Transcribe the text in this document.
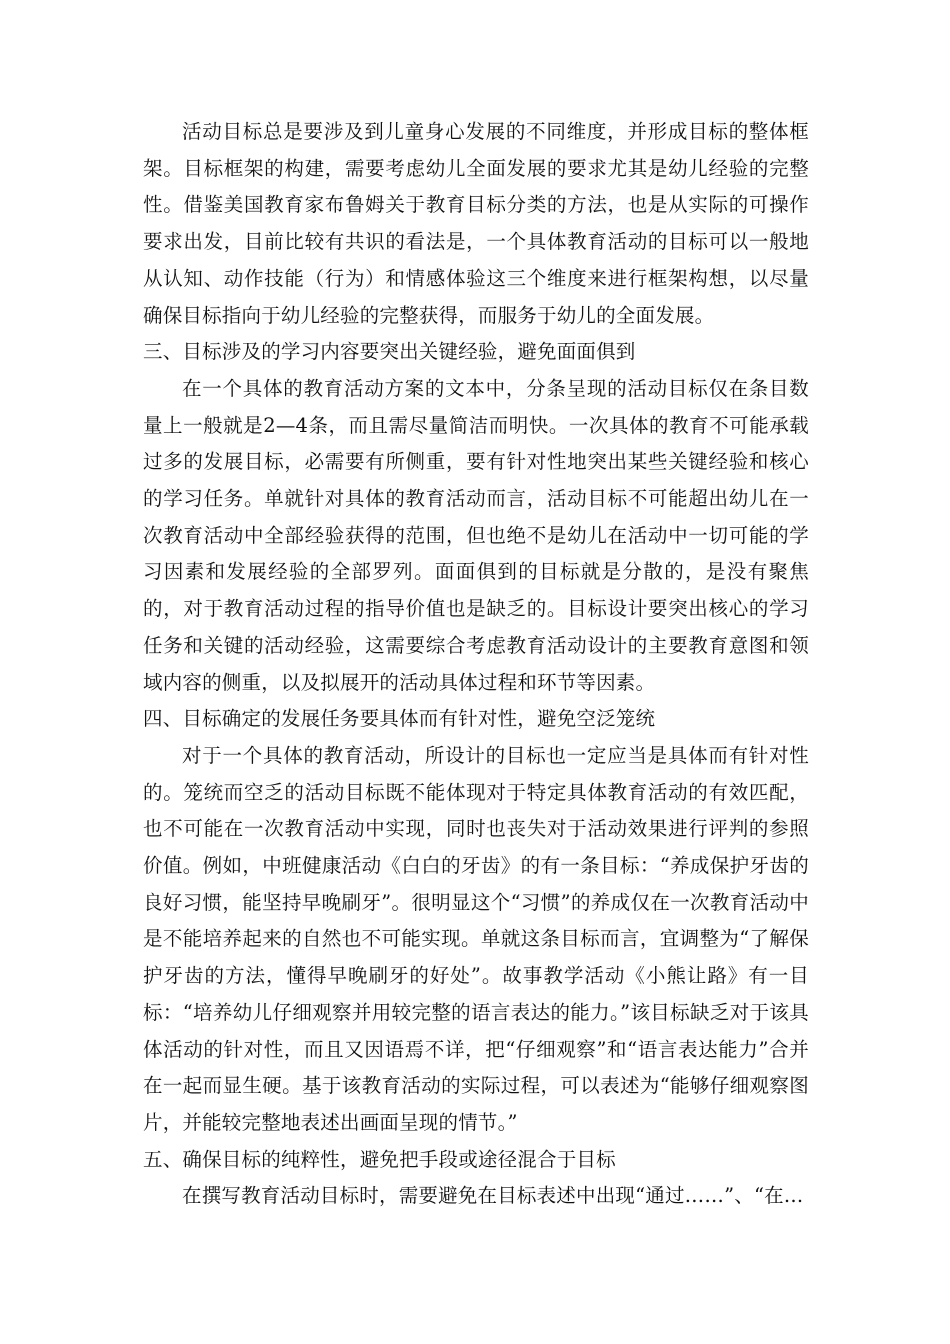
活动目标总是要涉及到儿童身心发展的不同维度，并形成目标的整体框架。目标框架的构建，需要考虑幼儿全面发展的要求尤其是幼儿经验的完整性。借鉴美国教育家布鲁姆关于教育目标分类的方法，也是从实际的可操作要求出发，目前比较有共识的看法是，一个具体教育活动的目标可以一般地从认知、动作技能（行为）和情感体验这三个维度来进行框架构想，以尽量确保目标指向于幼儿经验的完整获得，而服务于幼儿的全面发展。

三、目标涉及的学习内容要突出关键经验，避免面面俱到

在一个具体的教育活动方案的文本中，分条呈现的活动目标仅在条目数量上一般就是2—4条，而且需尽量简洁而明快。一次具体的教育不可能承载过多的发展目标，必需要有所侧重，要有针对性地突出某些关键经验和核心的学习任务。单就针对具体的教育活动而言，活动目标不可能超出幼儿在一次教育活动中全部经验获得的范围，但也绝不是幼儿在活动中一切可能的学习因素和发展经验的全部罗列。面面俱到的目标就是分散的，是没有聚焦的，对于教育活动过程的指导价值也是缺乏的。目标设计要突出核心的学习任务和关键的活动经验，这需要综合考虑教育活动设计的主要教育意图和领域内容的侧重，以及拟展开的活动具体过程和环节等因素。

四、目标确定的发展任务要具体而有针对性，避免空泛笼统

对于一个具体的教育活动，所设计的目标也一定应当是具体而有针对性的。笼统而空乏的活动目标既不能体现对于特定具体教育活动的有效匹配，也不可能在一次教育活动中实现，同时也丧失对于活动效果进行评判的参照价值。例如，中班健康活动《白白的牙齿》的有一条目标：“养成保护牙齿的良好习惯，能坚持早晚刷牙”。很明显这个“习惯”的养成仅在一次教育活动中是不能培养起来的自然也不可能实现。单就这条目标而言，宜调整为“了解保护牙齿的方法，懂得早晚刷牙的好处”。故事教学活动《小熊让路》有一目标：“培养幼儿仔细观察并用较完整的语言表达的能力。”该目标缺乏对于该具体活动的针对性，而且又因语焉不详，把“仔细观察”和“语言表达能力”合并在一起而显生硬。基于该教育活动的实际过程，可以表述为“能够仔细观察图片，并能较完整地表述出画面呈现的情节。”

五、确保目标的纯粹性，避免把手段或途径混合于目标

在撰写教育活动目标时，需要避免在目标表述中出现“通过……”、“在…
